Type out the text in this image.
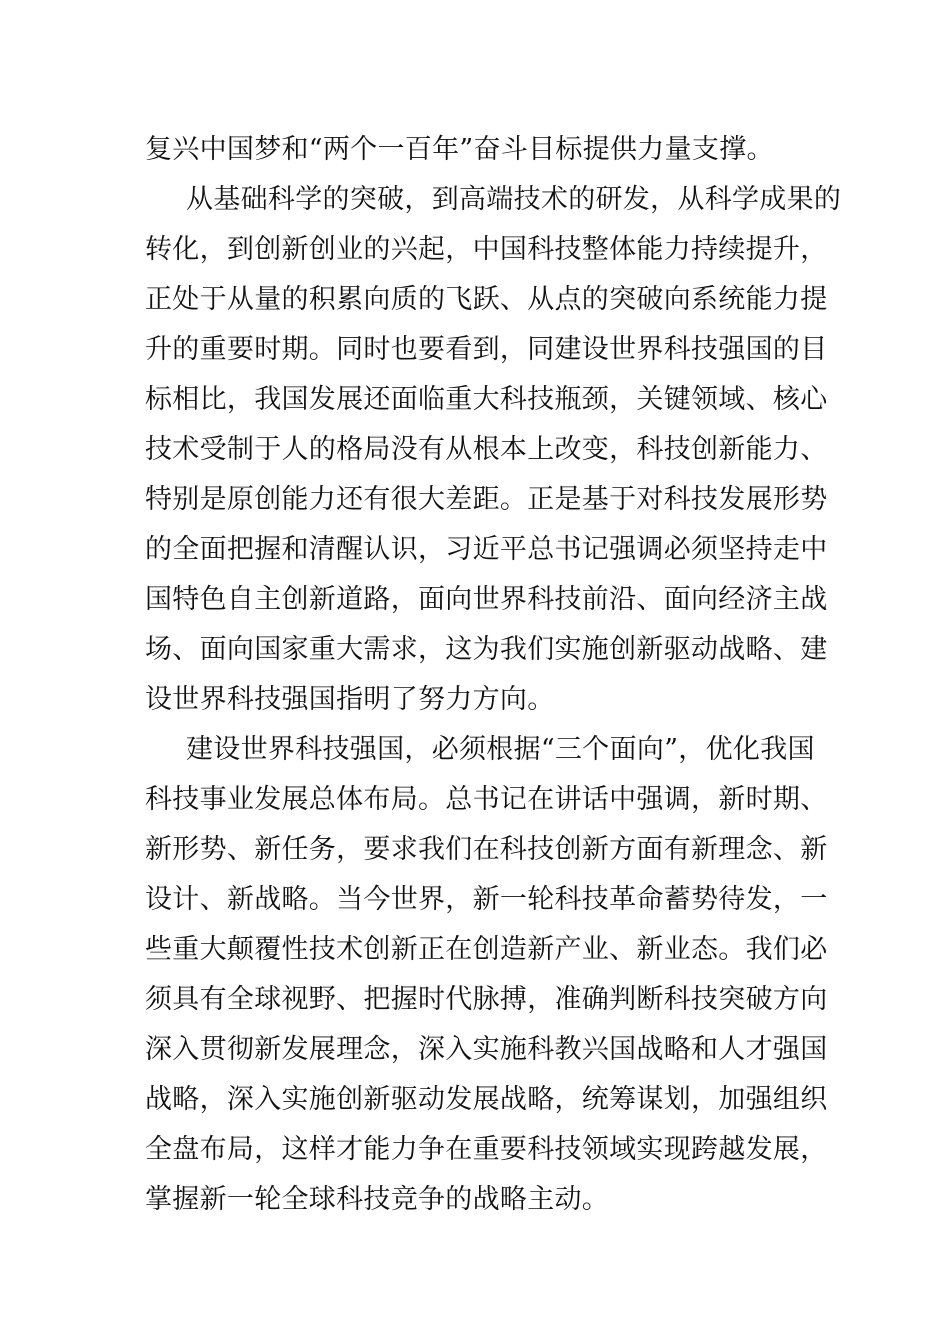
复兴中国梦和“两个一百年”奋斗目标提供力量支撑。
从基础科学的突破，到高端技术的研发，从科学成果的
转化，到创新创业的兴起，中国科技整体能力持续提升，
正处于从量的积累向质的飞跃、从点的突破向系统能力提
升的重要时期。同时也要看到，同建设世界科技强国的目
标相比，我国发展还面临重大科技瓶颈，关键领域、核心
技术受制于人的格局没有从根本上改变，科技创新能力、
特别是原创能力还有很大差距。正是基于对科技发展形势
的全面把握和清醒认识，习近平总书记强调必须坚持走中
国特色自主创新道路，面向世界科技前沿、面向经济主战
场、面向国家重大需求，这为我们实施创新驱动战略、建
设世界科技强国指明了努力方向。
建设世界科技强国，必须根据“三个面向”，优化我国
科技事业发展总体布局。总书记在讲话中强调，新时期、
新形势、新任务，要求我们在科技创新方面有新理念、新
设计、新战略。当今世界，新一轮科技革命蓄势待发，一
些重大颠覆性技术创新正在创造新产业、新业态。我们必
须具有全球视野、把握时代脉搏，准确判断科技突破方向
深入贯彻新发展理念，深入实施科教兴国战略和人才强国
战略，深入实施创新驱动发展战略，统筹谋划，加强组织
全盘布局，这样才能力争在重要科技领域实现跨越发展，
掌握新一轮全球科技竞争的战略主动。
